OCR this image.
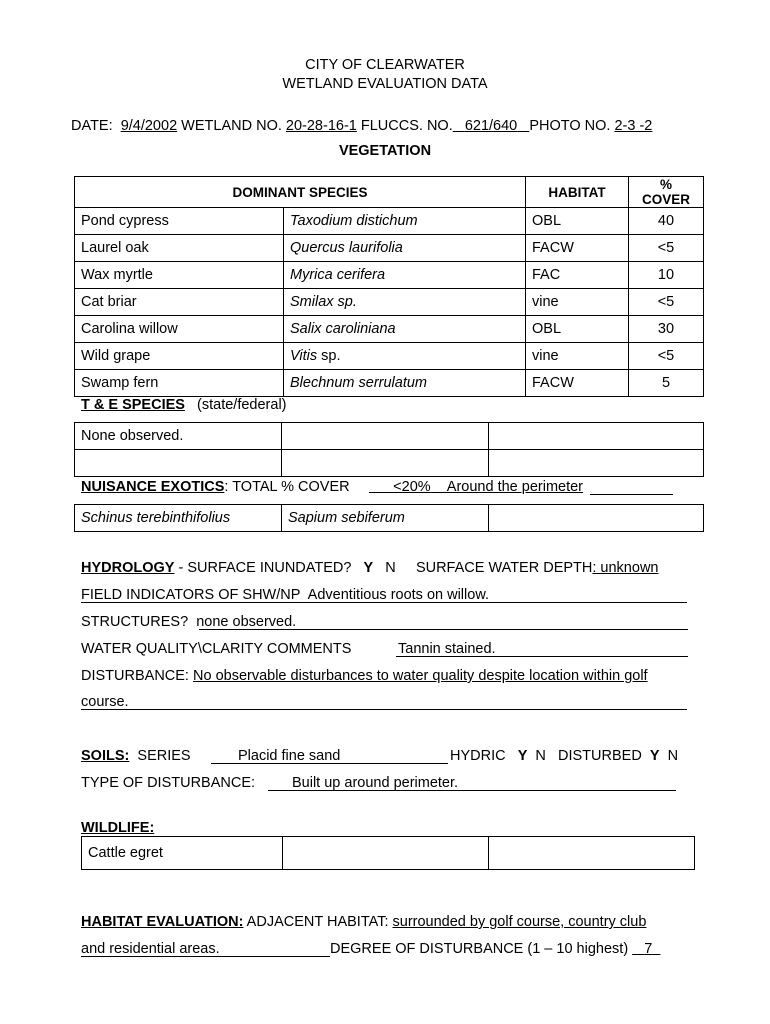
CITY OF CLEARWATER
WETLAND EVALUATION DATA
DATE: 9/4/2002 WETLAND NO. 20-28-16-1 FLUCCS. NO. 621/640 PHOTO NO. 2-3 -2
VEGETATION
DOMINANT SPECIES		HABITAT	% COVER
Pond cypress	Taxodium distichum	OBL	40
Laurel oak	Quercus laurifolia	FACW	<5
Wax myrtle	Myrica cerifera	FAC	10
Cat briar	Smilax sp.	vine	<5
Carolina willow	Salix caroliniana	OBL	30
Wild grape	Vitis sp.	vine	<5
Swamp fern	Blechnum serrulatum	FACW	5
T & E SPECIES (state/federal)
None observed.		

NUISANCE EXOTICS: TOTAL % COVER	<20% Around the perimeter
Schinus terebinthifolius	Sapium sebiferum	
HYDROLOGY - SURFACE INUNDATED? Y N SURFACE WATER DEPTH: unknown
FIELD INDICATORS OF SHW/NP Adventitious roots on willow.
STRUCTURES? none observed.
WATER QUALITY\CLARITY COMMENTS	Tannin stained.
DISTURBANCE: No observable disturbances to water quality despite location within golf
course.
SOILS: SERIES	Placid fine sand	HYDRIC Y N DISTURBED Y N
TYPE OF DISTURBANCE:	Built up around perimeter.
WILDLIFE:
Cattle egret		
HABITAT EVALUATION: ADJACENT HABITAT: surrounded by golf course, country club
and residential areas.	DEGREE OF DISTURBANCE (1 – 10 highest) 7
